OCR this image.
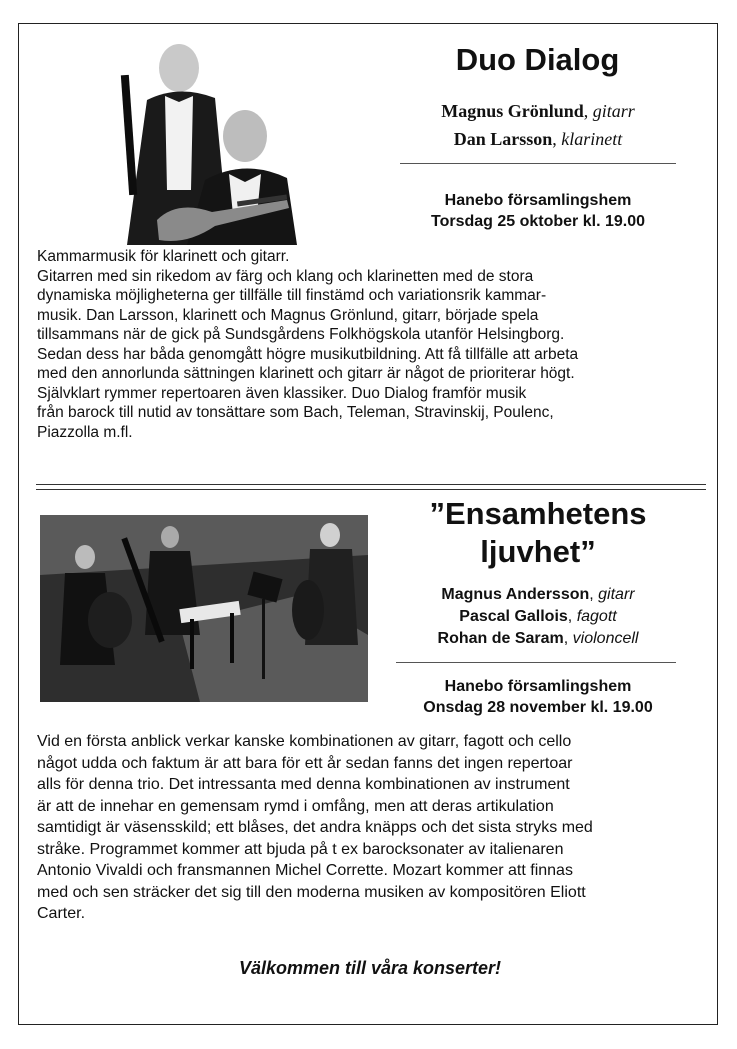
Duo Dialog
Magnus Grönlund, gitarr
Dan Larsson, klarinett
Hanebo församlingshem
Torsdag 25 oktober kl. 19.00
Kammarmusik för klarinett och gitarr.
Gitarren med sin rikedom av färg och klang och klarinetten med de stora
dynamiska möjligheterna ger tillfälle till finstämd och variationsrik kammar-
musik. Dan Larsson, klarinett och Magnus Grönlund, gitarr, började spela
tillsammans när de gick på Sundsgårdens Folkhögskola utanför Helsingborg.
Sedan dess har båda genomgått högre musikutbildning. Att få tillfälle att arbeta
med den annorlunda sättningen klarinett och gitarr är något de prioriterar högt.
Självklart rymmer repertoaren även klassiker. Duo Dialog framför musik
från barock till nutid av tonsättare som Bach, Teleman, Stravinskij, Poulenc,
Piazzolla m.fl.
”Ensamhetens
ljuvhet”
Magnus Andersson, gitarr
Pascal Gallois, fagott
Rohan de Saram, violoncell
Hanebo församlingshem
Onsdag 28 november kl. 19.00
Vid en första anblick verkar kanske kombinationen av gitarr, fagott och cello
något udda och faktum är att bara för ett år sedan fanns det ingen repertoar
alls för denna trio. Det intressanta med denna kombinationen av instrument
är att de innehar en gemensam rymd i omfång, men att deras artikulation
samtidigt är väsensskild; ett blåses, det andra knäpps och det sista stryks med
stråke. Programmet kommer att bjuda på t ex barocksonater av italienaren
Antonio Vivaldi och fransmannen Michel Corrette. Mozart kommer att finnas
med och sen sträcker det sig till den moderna musiken av kompositören Eliott
Carter.
Välkommen till våra konserter!
